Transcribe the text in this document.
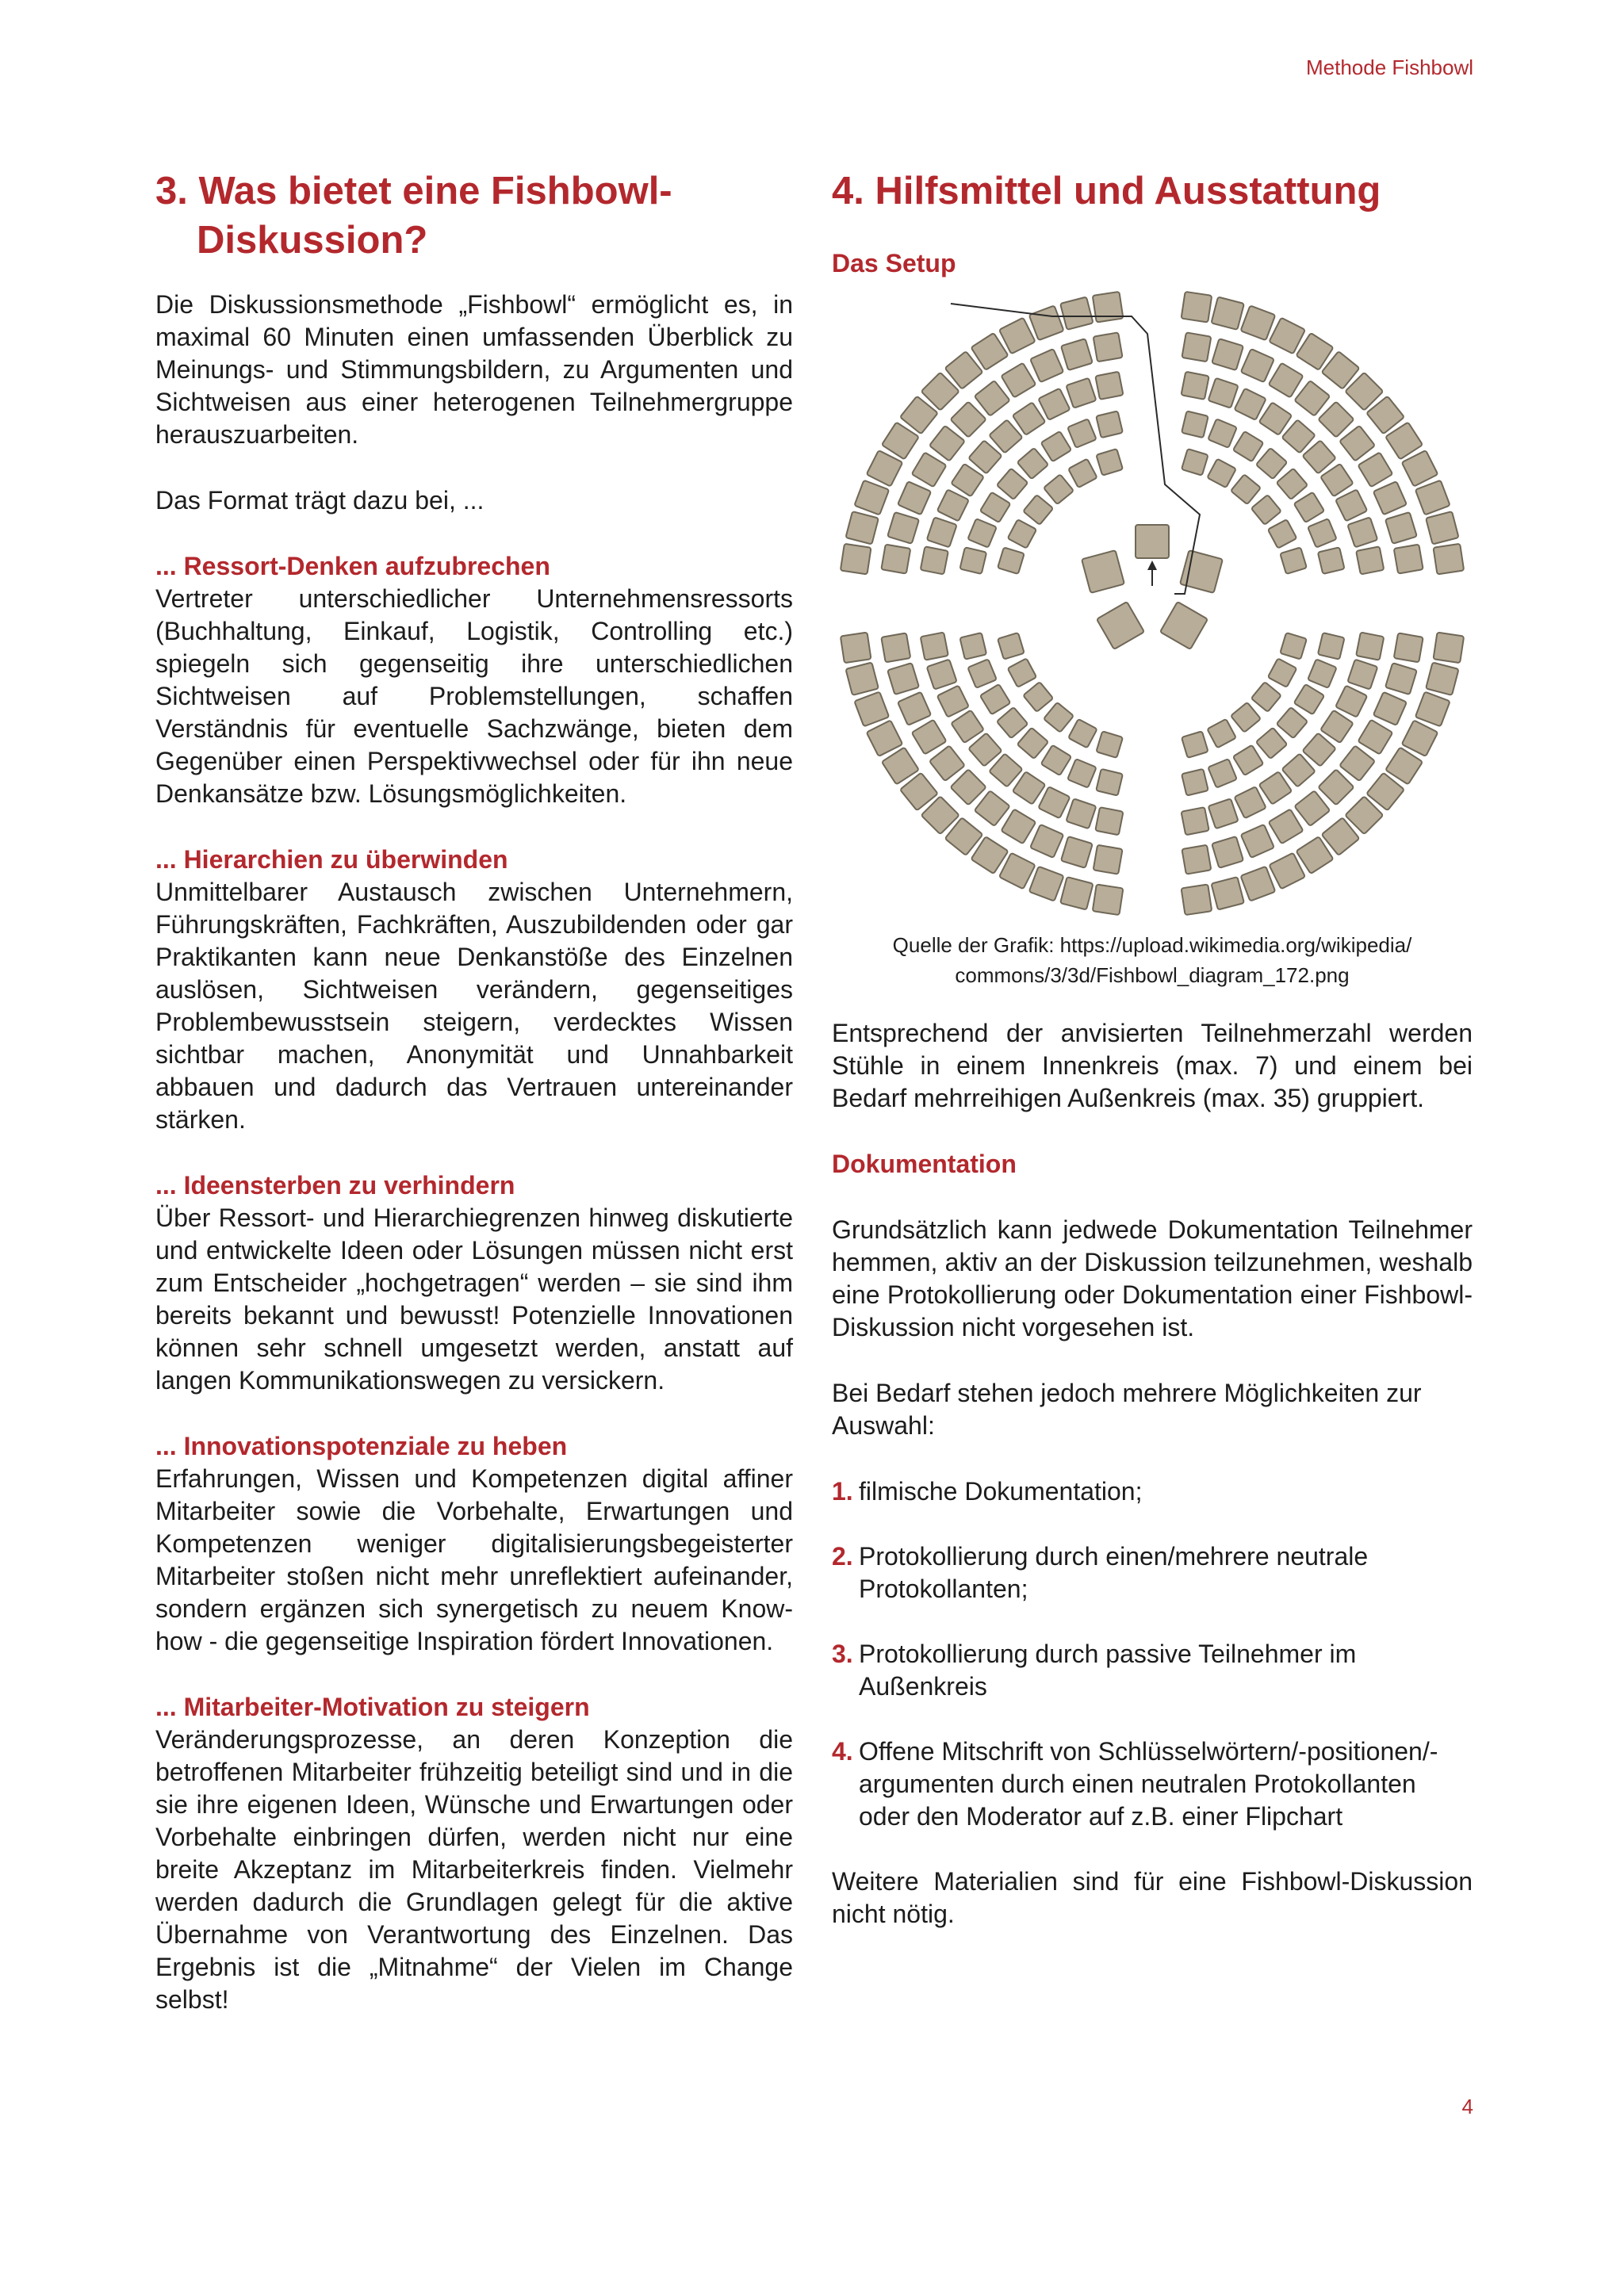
Methode Fishbowl
3. Was bietet eine Fishbowl-Diskussion?

Die Diskussionsmethode „Fishbowl“ ermöglicht es, in maximal 60 Minuten einen umfassenden Überblick zu Meinungs- und Stimmungsbildern, zu Argumenten und Sichtweisen aus einer heterogenen Teilnehmergruppe herauszuarbeiten.

Das Format trägt dazu bei, ...

... Ressort-Denken aufzubrechen

Vertreter unterschiedlicher Unternehmensressorts (Buchhaltung, Einkauf, Logistik, Controlling etc.) spiegeln sich gegenseitig ihre unterschiedlichen Sichtweisen auf Problemstellungen, schaffen Verständnis für eventuelle Sachzwänge, bieten dem Gegenüber einen Perspektivwechsel oder für ihn neue Denkansätze bzw. Lösungsmöglichkeiten.

... Hierarchien zu überwinden

Unmittelbarer Austausch zwischen Unternehmern, Führungskräften, Fachkräften, Auszubildenden oder gar Praktikanten kann neue Denkanstöße des Einzelnen auslösen, Sichtweisen verändern, gegenseitiges Problembewusstsein steigern, verdecktes Wissen sichtbar machen, Anonymität und Unnahbarkeit abbauen und dadurch das Vertrauen untereinander stärken.

... Ideensterben zu verhindern

Über Ressort- und Hierarchiegrenzen hinweg diskutierte und entwickelte Ideen oder Lösungen müssen nicht erst zum Entscheider „hochgetragen“ werden – sie sind ihm bereits bekannt und bewusst! Potenzielle Innovationen können sehr schnell umgesetzt werden, anstatt auf langen Kommunikationswegen zu versickern.

... Innovationspotenziale zu heben

Erfahrungen, Wissen und Kompetenzen digital affiner Mitarbeiter sowie die Vorbehalte, Erwartungen und Kompetenzen weniger digitalisierungsbegeisterter Mitarbeiter stoßen nicht mehr unreflektiert aufeinander, sondern ergänzen sich synergetisch zu neuem Know-how - die gegenseitige Inspiration fördert Innovationen.

... Mitarbeiter-Motivation zu steigern

Veränderungsprozesse, an deren Konzeption die betroffenen Mitarbeiter frühzeitig beteiligt sind und in die sie ihre eigenen Ideen, Wünsche und Erwartungen oder Vorbehalte einbringen dürfen, werden nicht nur eine breite Akzeptanz im Mitarbeiterkreis finden. Vielmehr werden dadurch die Grundlagen gelegt für die aktive Übernahme von Verantwortung des Einzelnen. Das Ergebnis ist die „Mitnahme“ der Vielen im Change selbst!

4. Hilfsmittel und Ausstattung
Das Setup
Quelle der Grafik: https://upload.wikimedia.org/wikipedia/
commons/3/3d/Fishbowl_diagram_172.png

Entsprechend der anvisierten Teilnehmerzahl werden Stühle in einem Innenkreis (max. 7) und einem bei Bedarf mehrreihigen Außenkreis (max. 35) gruppiert.

Dokumentation

Grundsätzlich kann jedwede Dokumentation Teilnehmer hemmen, aktiv an der Diskussion teilzunehmen, weshalb eine Protokollierung oder Dokumentation einer Fishbowl-Diskussion nicht vorgesehen ist.

Bei Bedarf stehen jedoch mehrere Möglichkeiten zur Auswahl:

1. filmische Dokumentation;
2. Protokollierung durch einen/mehrere neutrale Protokollanten;
3. Protokollierung durch passive Teilnehmer im Außenkreis
4. Offene Mitschrift von Schlüsselwörtern/-positionen/-argumenten durch einen neutralen Protokollanten oder den Moderator auf z.B. einer Flipchart

Weitere Materialien sind für eine Fishbowl-Diskussion nicht nötig.

4
